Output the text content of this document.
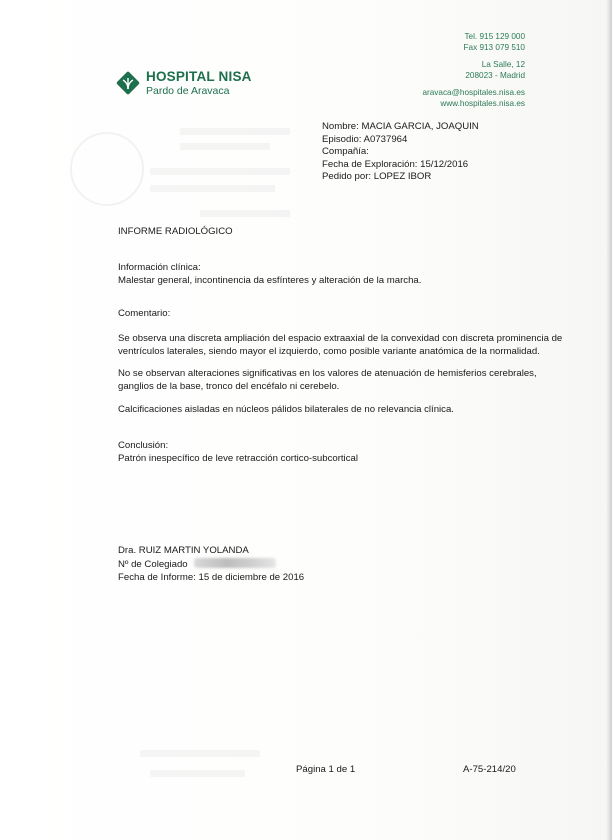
HOSPITAL NISA
Pardo de Aravaca
Tel. 915 129 000
Fax 913 079 510
La Salle, 12
208023 - Madrid
aravaca@hospitales.nisa.es
www.hospitales.nisa.es
Nombre: MACIA GARCIA, JOAQUIN
Episodio: A0737964
Compañía:
Fecha de Exploración: 15/12/2016
Pedido por: LOPEZ IBOR
INFORME RADIOLÓGICO
Información clínica:
Malestar general, incontinencia da esfínteres y alteración de la marcha.
Comentario:
Se observa una discreta ampliación del espacio extraaxial de la convexidad con discreta prominencia de ventrículos laterales, siendo mayor el izquierdo, como posible variante anatómica de la normalidad.
No se observan alteraciones significativas en los valores de atenuación de hemisferios cerebrales, ganglios de la base, tronco del encéfalo ni cerebelo.
Calcificaciones aisladas en núcleos pálidos bilaterales de no relevancia clínica.
Conclusión:
Patrón inespecífico de leve retracción cortico-subcortical
Dra. RUIZ MARTIN YOLANDA
Nº de Colegiado
Fecha de Informe: 15 de diciembre de 2016
Página 1 de 1	A-75-214/20
